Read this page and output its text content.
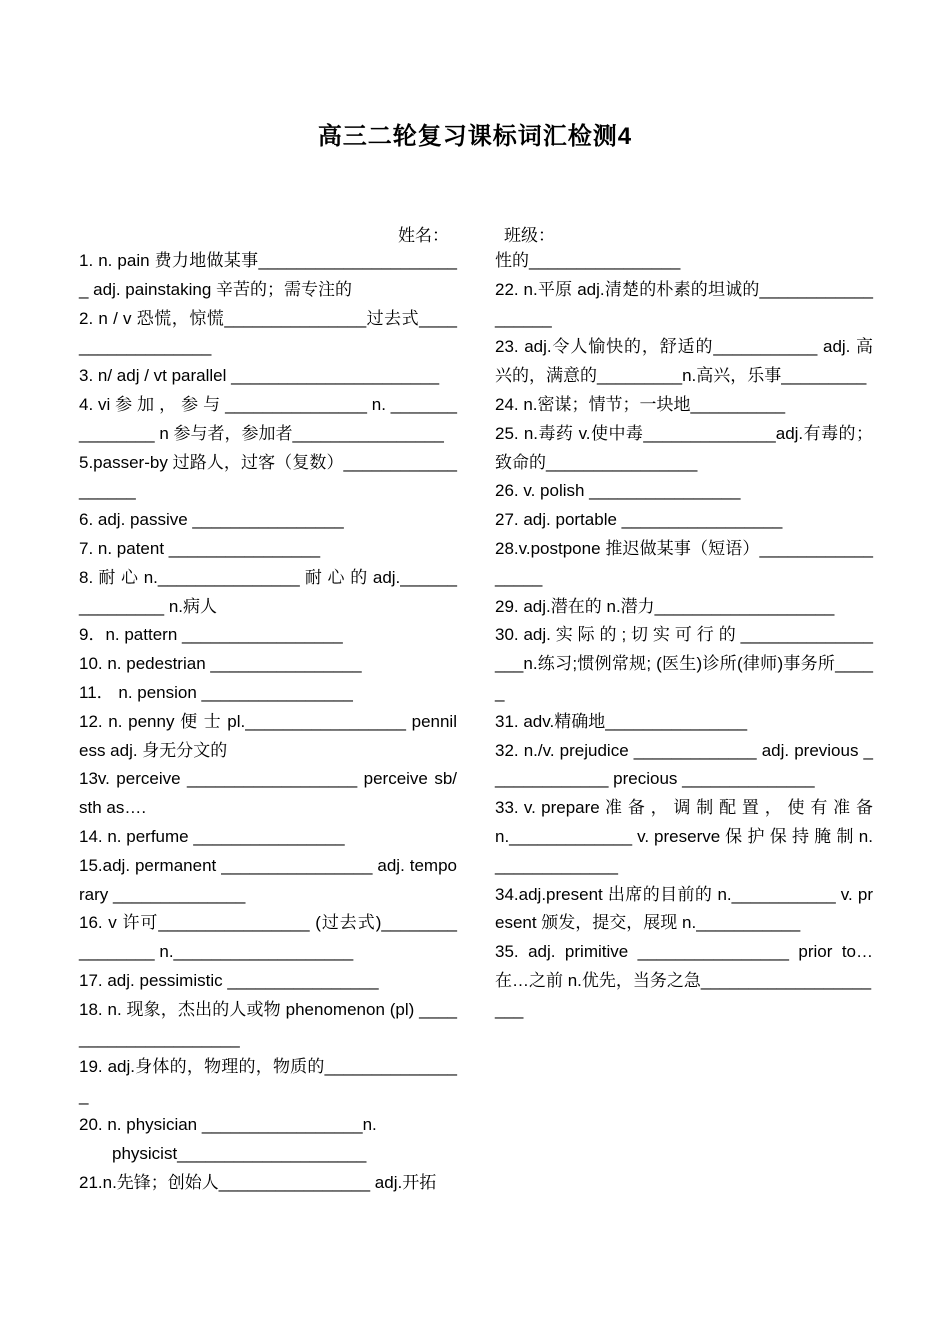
高三二轮复习课标词汇检测4
姓名：	班级：

1. n. pain 费力地做某事______________________ adj. painstaking 辛苦的；需专注的

2. n / v 恐慌，惊慌_______________过去式__________________

3. n/ adj / vt parallel ______________________

4. vi 参 加 ， 参 与 _______________ n. _______________ n 参与者，参加者________________

5.passer-by 过路人，过客（复数）__________________

6. adj. passive ________________

7. n. patent ________________

8. 耐 心 n._______________ 耐 心 的 adj._______________ n.病人

9．n. pattern _________________

10. n. pedestrian ________________

11． n. pension ________________

12. n. penny 便 士 pl._________________ penniless adj. 身无分文的

13v. perceive __________________ perceive sb/sth as….

14. n. perfume ________________

15.adj. permanent ________________ adj. temporary ______________

16. v 许可________________ (过去式)________________ n.___________________

17. adj. pessimistic ________________

18. n. 现象，杰出的人或物 phenomenon (pl) _____________________

19. adj.身体的，物理的，物质的_______________

20. n. physician _________________n.

physicist____________________

21.n.先锋；创始人________________ adj.开拓

性的________________

22. n.平原 adj.清楚的朴素的坦诚的__________________

23. adj.令人愉快的，舒适的___________ adj. 高兴的，满意的_________n.高兴，乐事_________

24. n.密谋；情节；一块地__________

25. n.毒药 v.使中毒______________adj.有毒的；致命的________________

26. v. polish ________________

27. adj. portable _________________

28.v.postpone 推迟做某事（短语）_________________

29. adj.潜在的 n.潜力___________________

30. adj. 实 际 的 ; 切 实 可 行 的 _________________n.练习;惯例常规; (医生)诊所(律师)事务所_____

31. adv.精确地_______________

32. n./v. prejudice _____________ adj. previous _____________ precious ______________

33. v. prepare 准 备 ， 调 制 配 置 ， 使 有 准 备 n._____________ v. preserve 保 护 保 持 腌 制 n._____________

34.adj.present 出席的目前的 n.___________ v. present 颁发，提交，展现 n.___________

35. adj. primitive ________________ prior to… 在…之前 n.优先，当务之急__________________

___
